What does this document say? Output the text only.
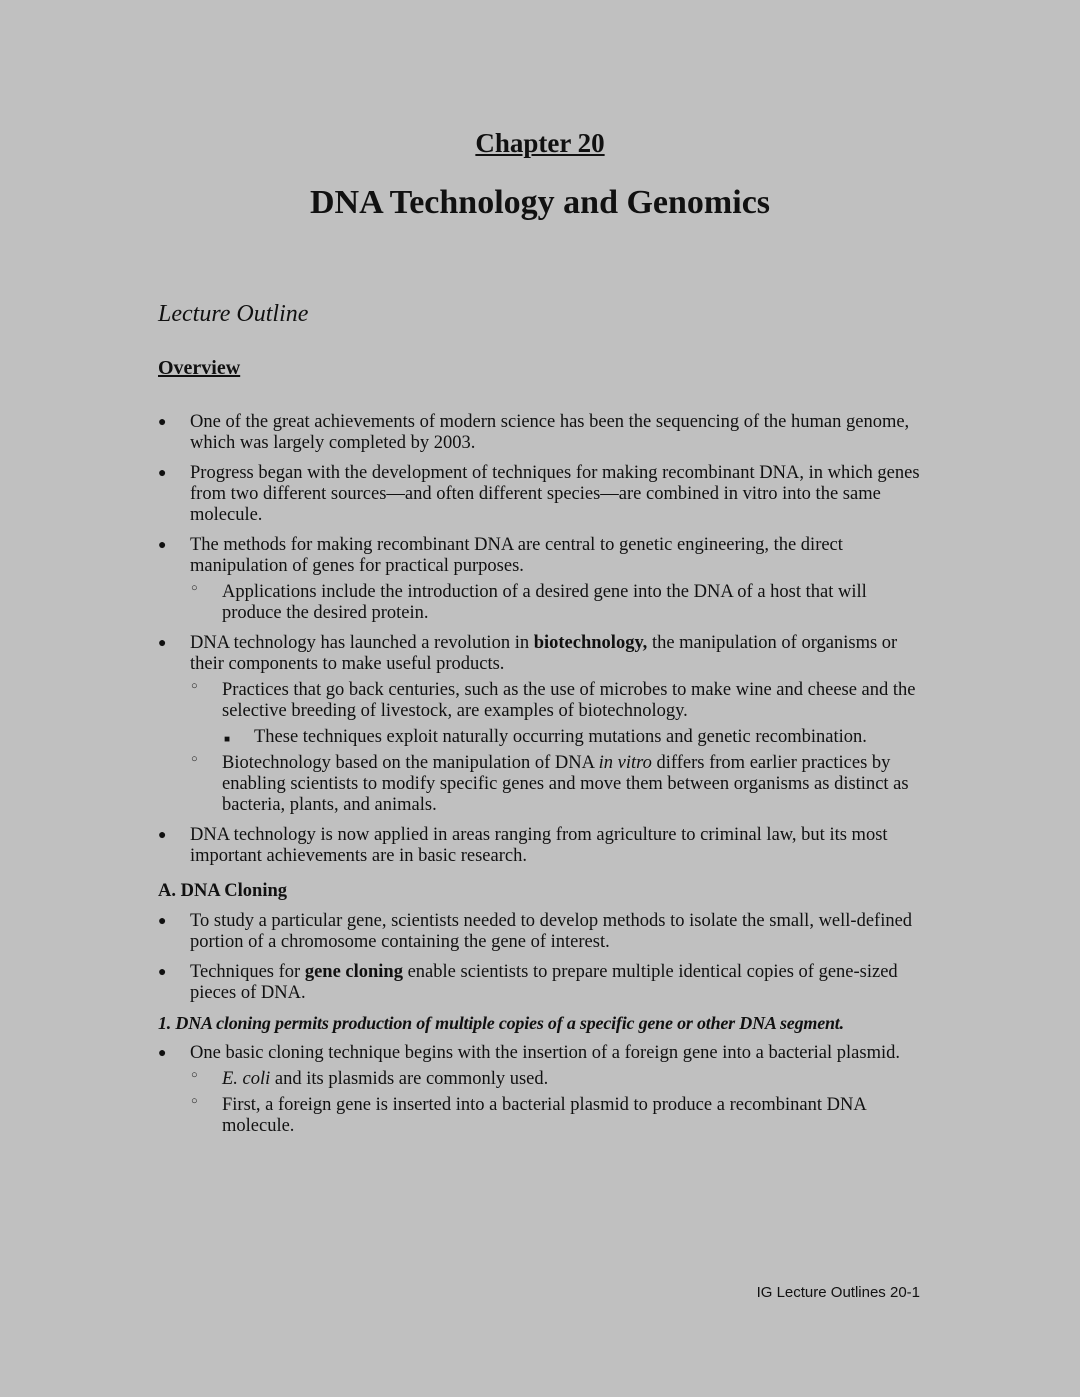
Chapter 20
DNA Technology and Genomics
Lecture Outline
Overview
● One of the great achievements of modern science has been the sequencing of the human genome, which was largely completed by 2003.
● Progress began with the development of techniques for making recombinant DNA, in which genes from two different sources—and often different species—are combined in vitro into the same molecule.
● The methods for making recombinant DNA are central to genetic engineering, the direct manipulation of genes for practical purposes.
○ Applications include the introduction of a desired gene into the DNA of a host that will produce the desired protein.
● DNA technology has launched a revolution in biotechnology, the manipulation of organisms or their components to make useful products.
○ Practices that go back centuries, such as the use of microbes to make wine and cheese and the selective breeding of livestock, are examples of biotechnology.
■ These techniques exploit naturally occurring mutations and genetic recombination.
○ Biotechnology based on the manipulation of DNA in vitro differs from earlier practices by enabling scientists to modify specific genes and move them between organisms as distinct as bacteria, plants, and animals.
● DNA technology is now applied in areas ranging from agriculture to criminal law, but its most important achievements are in basic research.
A. DNA Cloning
● To study a particular gene, scientists needed to develop methods to isolate the small, well-defined portion of a chromosome containing the gene of interest.
● Techniques for gene cloning enable scientists to prepare multiple identical copies of gene-sized pieces of DNA.
1. DNA cloning permits production of multiple copies of a specific gene or other DNA segment.
● One basic cloning technique begins with the insertion of a foreign gene into a bacterial plasmid.
○ E. coli and its plasmids are commonly used.
○ First, a foreign gene is inserted into a bacterial plasmid to produce a recombinant DNA molecule.
IG Lecture Outlines 20-1
